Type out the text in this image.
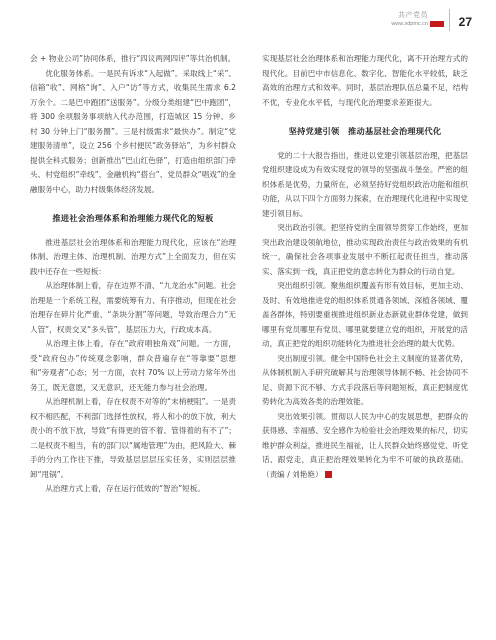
共产党员
www.sdpmc.cn	27

会 + 物业公司”协同体系，推行“四议两网四评”等共治机制。

优化服务体系。一是民有诉求“入起做”。采取线上“采”、信箱“收”、网格“询”、入户“访”等方式，收集民生需求 6.2 万余个。二是巴中跑团“送服务”。分级分类组建“巴中跑团”，将 300 余项服务事项纳入代办范围，打造城区 15 分钟、乡村 30 分钟上门“服务圈”。三是村级需求“最快办”。制定“党建服务清单”，设立 256 个乡村便民“政务驿站”，为乡村群众提供全科式服务；创新推出“巴山红色驿”，打造由组织部门牵头、村党组织“牵线”、金融机构“搭台”、党员群众“唱戏”的金融服务中心，助力村级集体经济发展。

推进社会治理体系和治理能力现代化的短板

推进基层社会治理体系和治理能力现代化，应该在“治理体制、治理主体、治理机制、治理方式”上全面发力，但在实践中还存在一些短板：

从治理体制上看，存在边界不清、“九龙治水”问题。社会治理是一个系统工程，需要统筹有力、有序推动，但现在社会治理存在碎片化严重、“条块分割”等问题，导致治理合力“无人管”，权责交叉“多头管”，基层压力大，行政成本高。

从治理主体上看，存在“政府唱独角戏”问题。一方面，受“政府包办”传统观念影响，群众普遍存在“等靠要”思想和“旁观者”心态；另一方面，农村 70% 以上劳动力常年外出务工，既无意愿，又无意识，还无能力参与社会治理。

从治理机制上看，存在权责不对等的“末梢梗阻”。一是责权不相匹配，不利部门选择性放权，将人和小的放下放，利大责小的不放下放，导致“有得更的管不着、管得着的有不了”；二是权责不相当，有的部门以“属地管理”为由，把风险大、棘手的分内工作往下推，导致基层层层压实任务，实则层层推卸“甩锅”。

从治理方式上看，存在运行低效的“智治”短板。

实现基层社会治理体系和治理能力现代化，离不开治理方式的现代化。目前巴中市信息化、数字化、智能化水平较低，缺乏高效的治理方式和效率。同时，基层治理队伍总量不足，结构不优，专业化水平低，与现代化治理要求差距很大。

坚持党建引领　推动基层社会治理现代化

党的二十大报告指出，推进以党建引领基层治理，把基层党组织建设成为有效实现党的领导的坚强战斗堡垒。严密的组织体系是优势，力量所在，必须坚持好党组织政治功能和组织功能，从以下四个方面努力探索，在治理现代化进程中实现党建引领目标。

突出政治引领。把坚持党的全面领导贯穿工作始终，更加突出政治建设领航地位，推动实现政治责任与政治效果的有机统一，确保社会各项事业发展中不断扛起责任担当，推动落实、落实到一线，真正把党的意志转化为群众的行动自觉。

突出组织引领。聚焦组织覆盖有形有效目标，更加主动、及时、有效地推进党的组织体系贯通各领域、深植各领域、覆盖各群体，特别要重视推进组织新业态新就业群体党建，做到哪里有党员哪里有党员、哪里就要建立党的组织，开展党的活动，真正把党的组织功能转化为推进社会治理的最大优势。

突出制度引领。健全中国特色社会主义制度的显著优势，从体制机制入手研究破解其与治理领导体制不畅、社会协同不足、资源下沉不够、方式手段落后等问题短板，真正把制度优势转化为高效各类的治理效能。

突出效果引领。贯彻以人民为中心的发展思想，把群众的获得感、幸福感、安全感作为检验社会治理效果的标尺，切实维护群众利益，推进民生福祉，让人民群众始终感觉党、听党话、跟党走，真正把治理效果转化为牢不可破的执政基础。（责编 / 刘艳艳）
